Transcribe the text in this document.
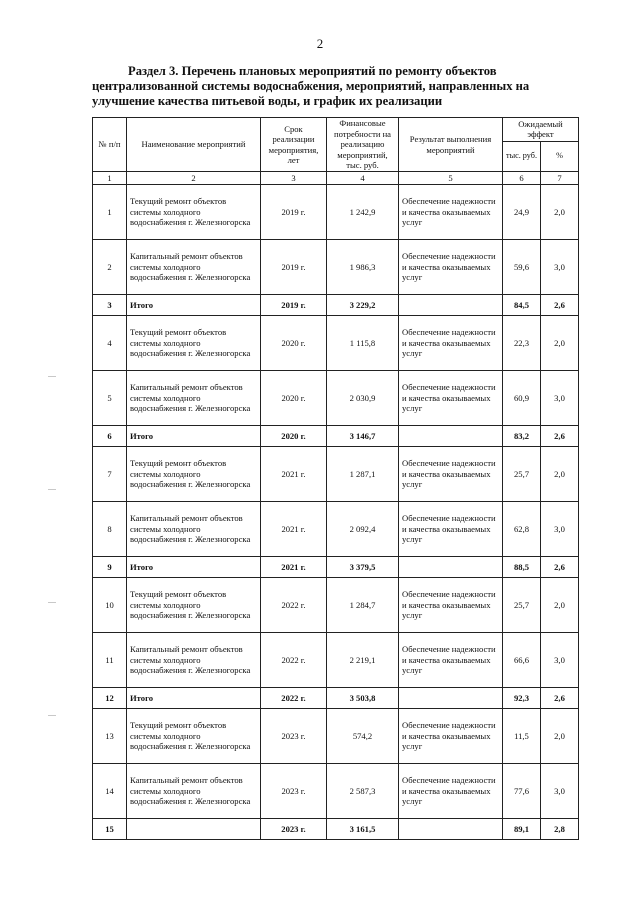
2
Раздел 3. Перечень плановых мероприятий по ремонту объектов
централизованной системы водоснабжения, мероприятий, направленных на
улучшение качества питьевой воды, и график их реализации
№ п/п	Наименование мероприятий	Срок реализации мероприятия, лет	Финансовые потребности на реализацию мероприятий, тыс. руб.	Результат выполнения мероприятий	Ожидаемый эффект	
					тыс. руб.	%
1	2	3	4	5	6	7
1	Текущий ремонт объектов системы холодного водоснабжения г. Железногорска	2019 г.	1 242,9	Обеспечение надежности и качества оказываемых услуг	24,9	2,0
2	Капитальный ремонт объектов системы холодного водоснабжения г. Железногорска	2019 г.	1 986,3	Обеспечение надежности и качества оказываемых услуг	59,6	3,0
3	Итого	2019 г.	3 229,2		84,5	2,6
4	Текущий ремонт объектов системы холодного водоснабжения г. Железногорска	2020 г.	1 115,8	Обеспечение надежности и качества оказываемых услуг	22,3	2,0
5	Капитальный ремонт объектов системы холодного водоснабжения г. Железногорска	2020 г.	2 030,9	Обеспечение надежности и качества оказываемых услуг	60,9	3,0
6	Итого	2020 г.	3 146,7		83,2	2,6
7	Текущий ремонт объектов системы холодного водоснабжения г. Железногорска	2021 г.	1 287,1	Обеспечение надежности и качества оказываемых услуг	25,7	2,0
8	Капитальный ремонт объектов системы холодного водоснабжения г. Железногорска	2021 г.	2 092,4	Обеспечение надежности и качества оказываемых услуг	62,8	3,0
9	Итого	2021 г.	3 379,5		88,5	2,6
10	Текущий ремонт объектов системы холодного водоснабжения г. Железногорска	2022 г.	1 284,7	Обеспечение надежности и качества оказываемых услуг	25,7	2,0
11	Капитальный ремонт объектов системы холодного водоснабжения г. Железногорска	2022 г.	2 219,1	Обеспечение надежности и качества оказываемых услуг	66,6	3,0
12	Итого	2022 г.	3 503,8		92,3	2,6
13	Текущий ремонт объектов системы холодного водоснабжения г. Железногорска	2023 г.	574,2	Обеспечение надежности и качества оказываемых услуг	11,5	2,0
14	Капитальный ремонт объектов системы холодного водоснабжения г. Железногорска	2023 г.	2 587,3	Обеспечение надежности и качества оказываемых услуг	77,6	3,0
15		2023 г.	3 161,5		89,1	2,8
